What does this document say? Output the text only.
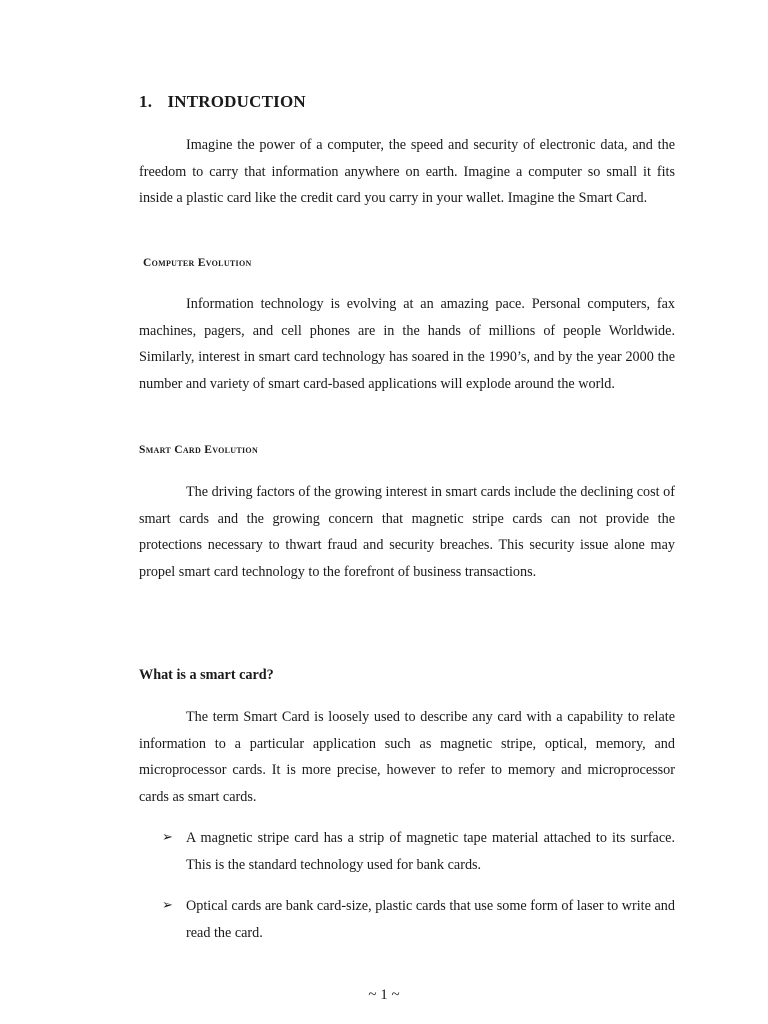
1. INTRODUCTION

Imagine the power of a computer, the speed and security of electronic data, and the freedom to carry that information anywhere on earth. Imagine a computer so small it fits inside a plastic card like the credit card you carry in your wallet. Imagine the Smart Card.

Computer Evolution

Information technology is evolving at an amazing pace. Personal computers, fax machines, pagers, and cell phones are in the hands of millions of people Worldwide. Similarly, interest in smart card technology has soared in the 1990’s, and by the year 2000 the number and variety of smart card-based applications will explode around the world.

Smart Card Evolution

The driving factors of the growing interest in smart cards include the declining cost of smart cards and the growing concern that magnetic stripe cards can not provide the protections necessary to thwart fraud and security breaches. This security issue alone may propel smart card technology to the forefront of business transactions.

What is a smart card?

The term Smart Card is loosely used to describe any card with a capability to relate information to a particular application such as magnetic stripe, optical, memory, and microprocessor cards. It is more precise, however to refer to memory and microprocessor cards as smart cards.

➢ A magnetic stripe card has a strip of magnetic tape material attached to its surface. This is the standard technology used for bank cards.
➢ Optical cards are bank card-size, plastic cards that use some form of laser to write and read the card.
~ 1 ~
